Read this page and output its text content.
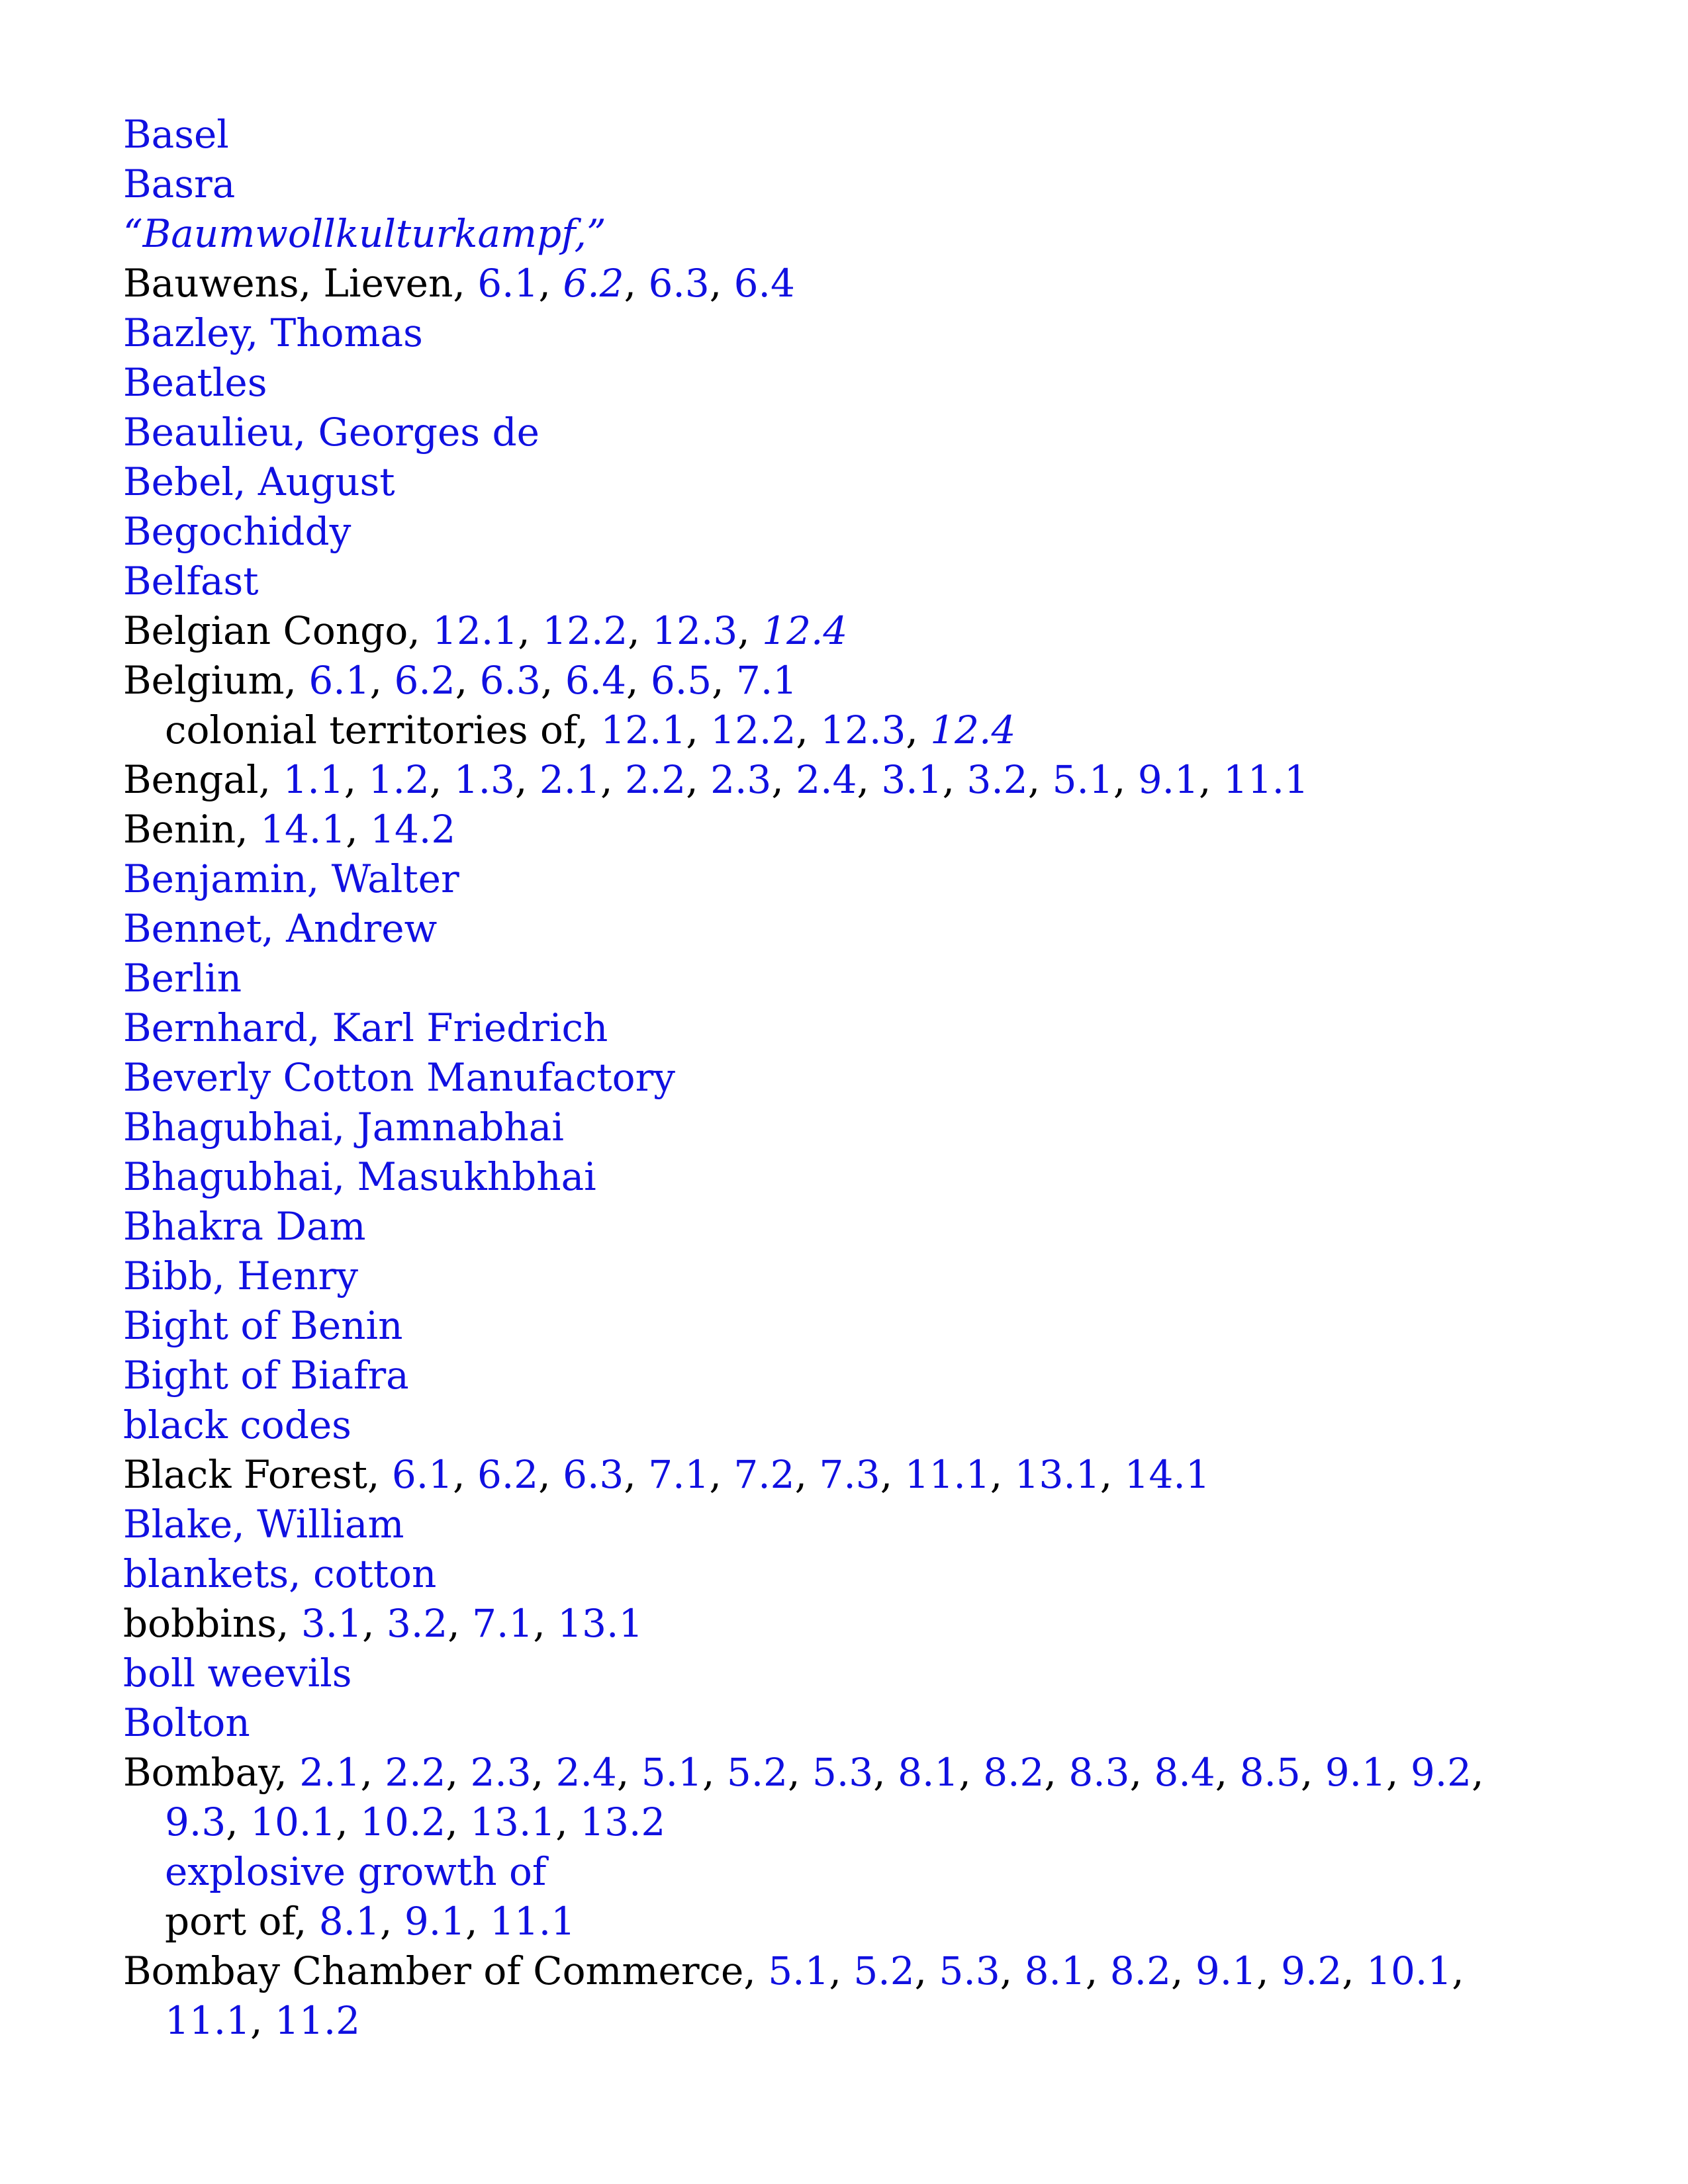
Basel
Basra
“Baumwollkulturkampf,”
Bauwens, Lieven, 6.1, 6.2, 6.3, 6.4
Bazley, Thomas
Beatles
Beaulieu, Georges de
Bebel, August
Begochiddy
Belfast
Belgian Congo, 12.1, 12.2, 12.3, 12.4
Belgium, 6.1, 6.2, 6.3, 6.4, 6.5, 7.1
colonial territories of, 12.1, 12.2, 12.3, 12.4
Bengal, 1.1, 1.2, 1.3, 2.1, 2.2, 2.3, 2.4, 3.1, 3.2, 5.1, 9.1, 11.1
Benin, 14.1, 14.2
Benjamin, Walter
Bennet, Andrew
Berlin
Bernhard, Karl Friedrich
Beverly Cotton Manufactory
Bhagubhai, Jamnabhai
Bhagubhai, Masukhbhai
Bhakra Dam
Bibb, Henry
Bight of Benin
Bight of Biafra
black codes
Black Forest, 6.1, 6.2, 6.3, 7.1, 7.2, 7.3, 11.1, 13.1, 14.1
Blake, William
blankets, cotton
bobbins, 3.1, 3.2, 7.1, 13.1
boll weevils
Bolton
Bombay, 2.1, 2.2, 2.3, 2.4, 5.1, 5.2, 5.3, 8.1, 8.2, 8.3, 8.4, 8.5, 9.1, 9.2, 9.3, 10.1, 10.2, 13.1, 13.2
explosive growth of
port of, 8.1, 9.1, 11.1
Bombay Chamber of Commerce, 5.1, 5.2, 5.3, 8.1, 8.2, 9.1, 9.2, 10.1, 11.1, 11.2
